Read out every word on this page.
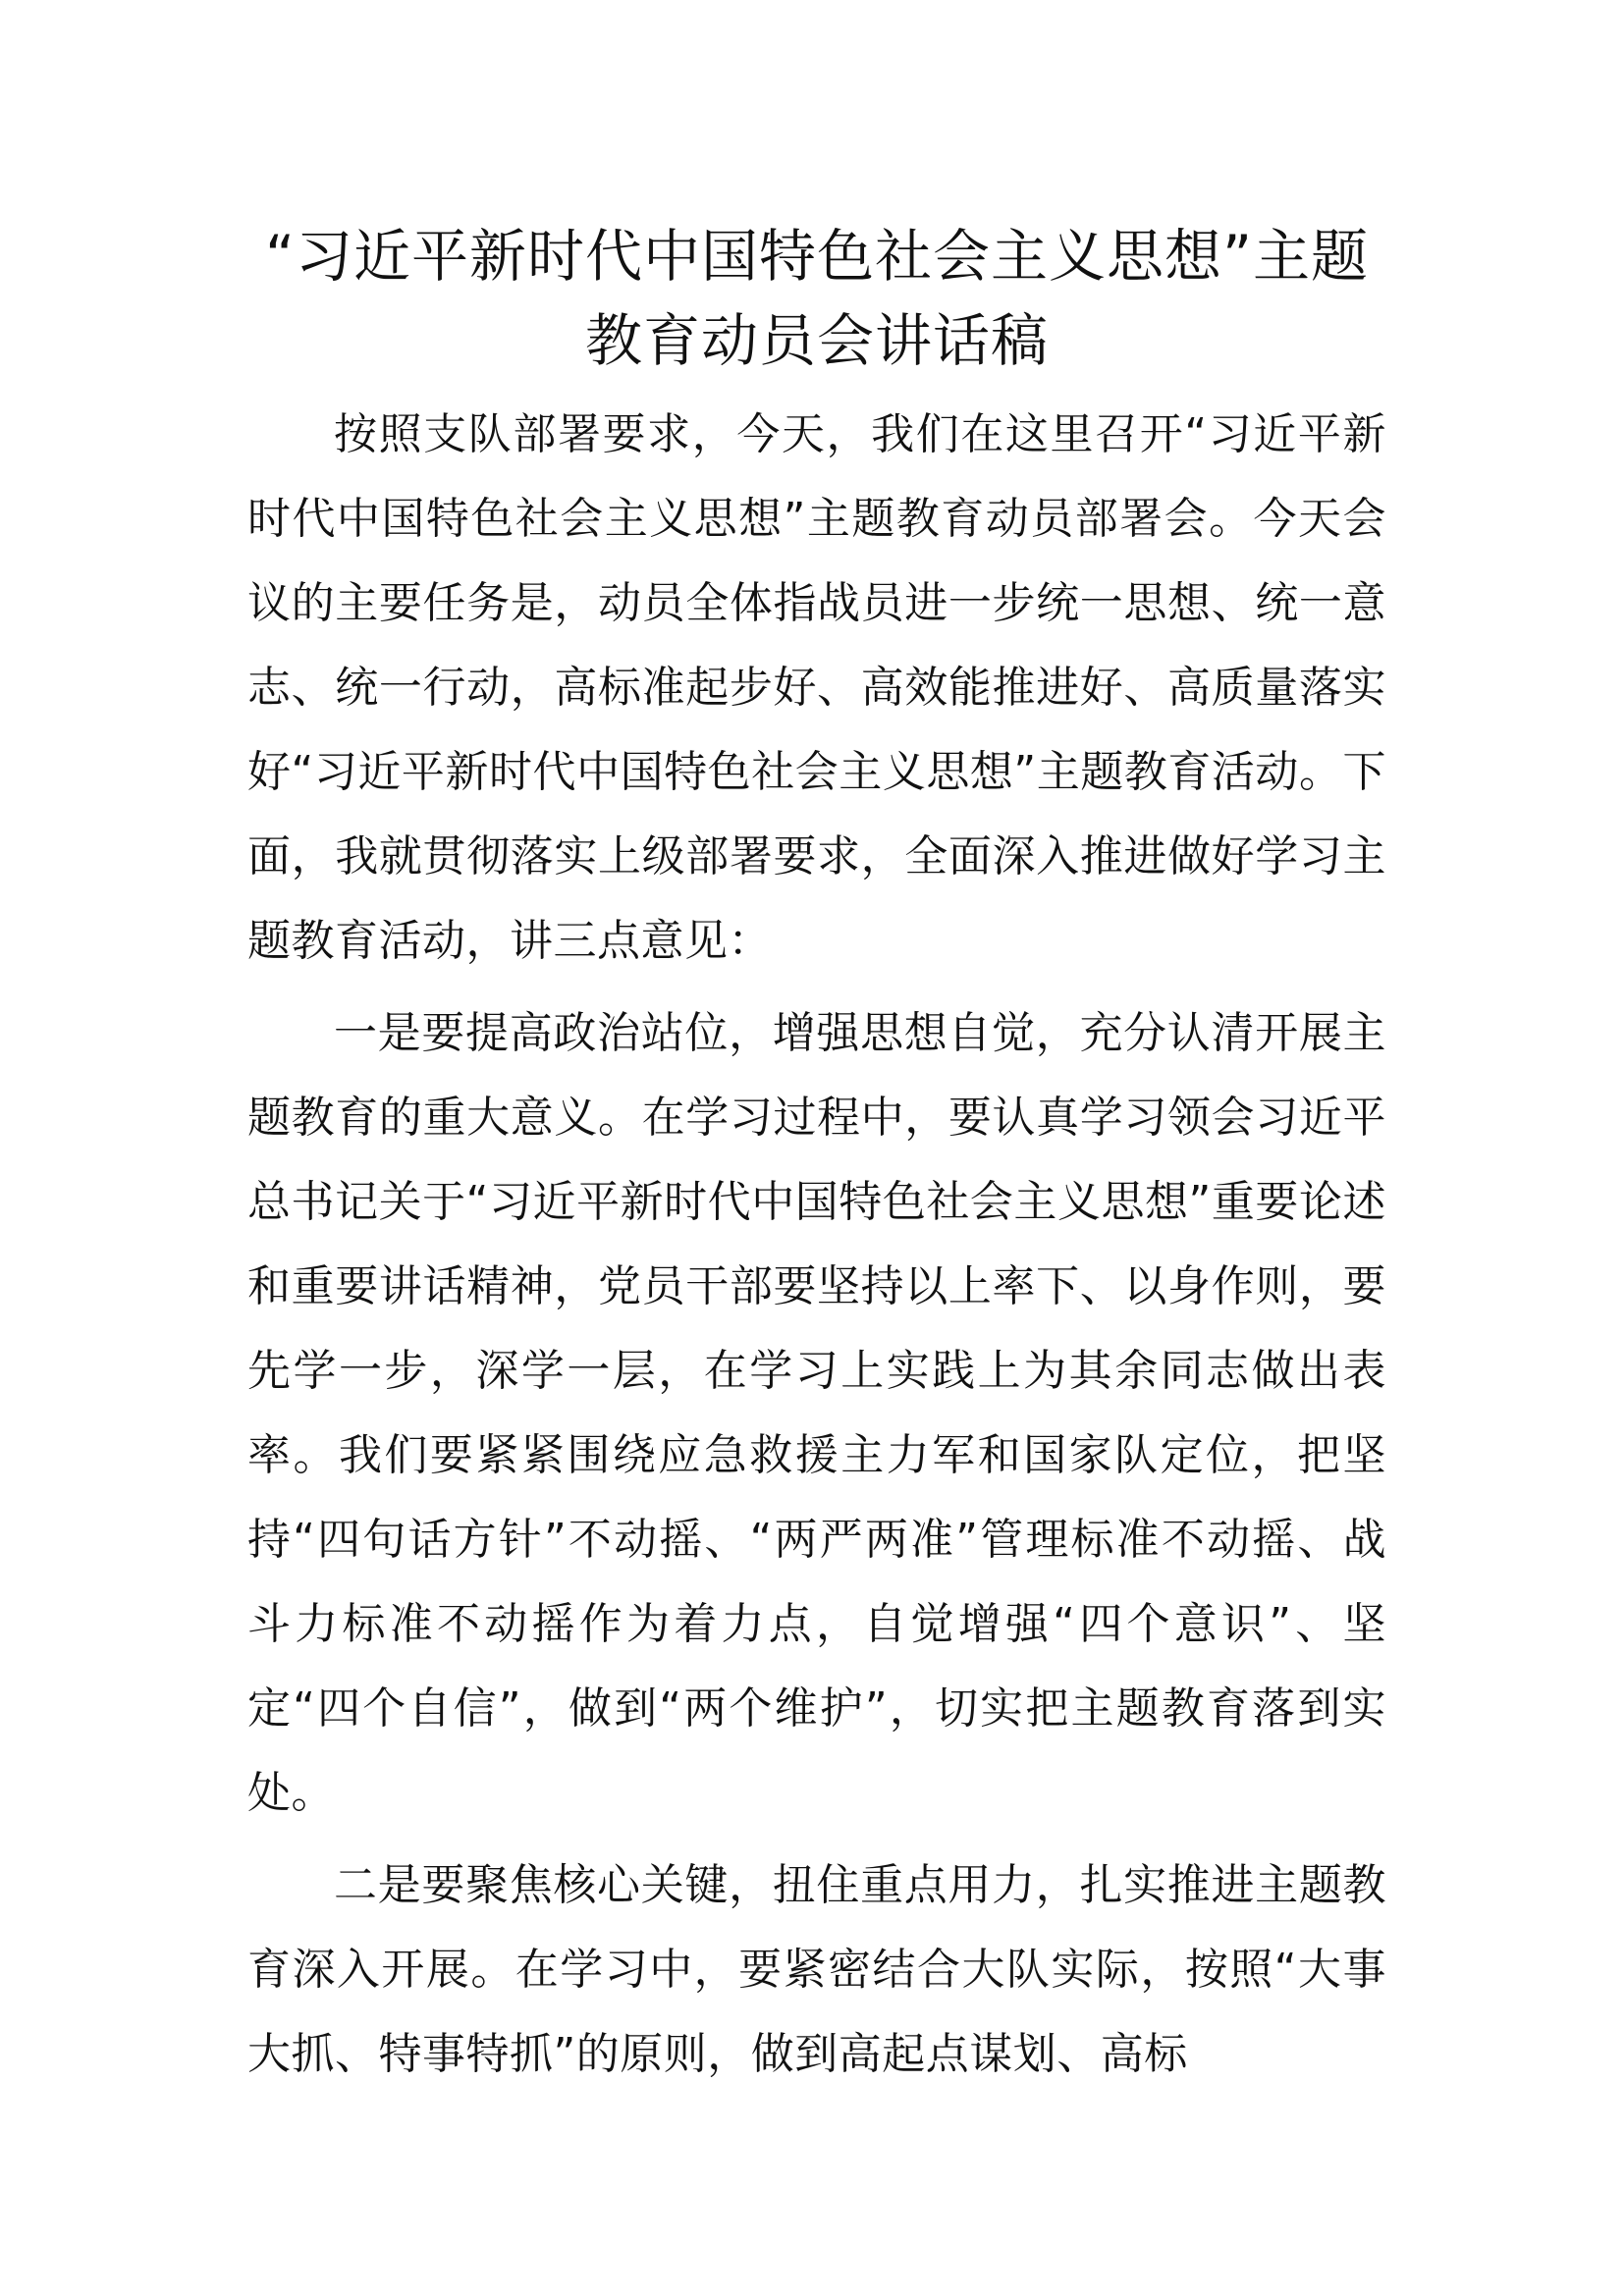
“习近平新时代中国特色社会主义思想”主题教育动员会讲话稿

按照支队部署要求，今天，我们在这里召开“习近平新时代中国特色社会主义思想”主题教育动员部署会。今天会议的主要任务是，动员全体指战员进一步统一思想、统一意志、统一行动，高标准起步好、高效能推进好、高质量落实好“习近平新时代中国特色社会主义思想”主题教育活动。下面，我就贯彻落实上级部署要求，全面深入推进做好学习主题教育活动，讲三点意见：

一是要提高政治站位，增强思想自觉，充分认清开展主题教育的重大意义。在学习过程中，要认真学习领会习近平总书记关于“习近平新时代中国特色社会主义思想”重要论述和重要讲话精神，党员干部要坚持以上率下、以身作则，要先学一步，深学一层，在学习上实践上为其余同志做出表率。我们要紧紧围绕应急救援主力军和国家队定位，把坚持“四句话方针”不动摇、“两严两准”管理标准不动摇、战斗力标准不动摇作为着力点，自觉增强“四个意识”、坚定“四个自信”，做到“两个维护”，切实把主题教育落到实处。

二是要聚焦核心关键，扭住重点用力，扎实推进主题教育深入开展。在学习中，要紧密结合大队实际，按照“大事大抓、特事特抓”的原则，做到高起点谋划、高标
